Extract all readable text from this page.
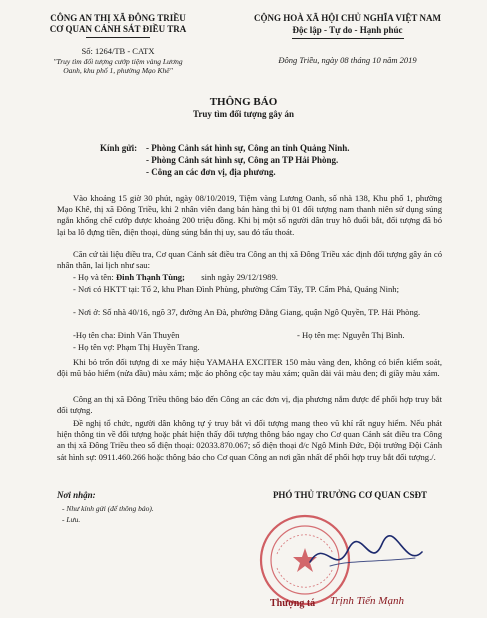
CÔNG AN THỊ XÃ ĐÔNG TRIỀU
CƠ QUAN CẢNH SÁT ĐIỀU TRA
Số: 1264/TB - CATX
"Truy tìm đối tượng cướp tiệm vàng Lương
Oanh, khu phố 1, phường Mạo Khê"
CỘNG HOÀ XÃ HỘI CHỦ NGHĨA VIỆT NAM
Độc lập - Tự do - Hạnh phúc
Đông Triều, ngày 08 tháng 10 năm 2019
THÔNG BÁO
Truy tìm đối tượng gây án
Kính gửi: - Phòng Cảnh sát hình sự, Công an tỉnh Quảng Ninh.
- Phòng Cảnh sát hình sự, Công an TP Hải Phòng.
- Công an các đơn vị, địa phương.
Vào khoảng 15 giờ 30 phút, ngày 08/10/2019, Tiệm vàng Lương Oanh, số nhà 138, Khu phố 1, phường Mạo Khê, thị xã Đông Triều, khi 2 nhân viên đang bán hàng thì bị 01 đối tượng nam thanh niên sử dụng súng ngắn khống chế cướp được khoảng 200 triệu đồng. Khi bị một số người dân truy hô đuổi bắt, đối tượng đã bỏ lại ba lô đựng tiền, điện thoại, dùng súng bắn thị uy, sau đó tẩu thoát.
Căn cứ tài liệu điều tra, Cơ quan Cảnh sát điều tra Công an thị xã Đông Triều xác định đối tượng gây án có nhân thân, lai lịch như sau:
- Họ và tên: Đinh Thạnh Tùng; sinh ngày 29/12/1989.
- Nơi có HKTT tại: Tổ 2, khu Phan Đình Phùng, phường Cẩm Tây, TP. Cẩm Phả, Quảng Ninh;
- Nơi ở: Số nhà 40/16, ngõ 37, đường An Đà, phường Đằng Giang, quận Ngô Quyền, TP. Hải Phòng.
-Họ tên cha: Đinh Văn Thuyên	- Họ tên mẹ: Nguyễn Thị Bình.
- Họ tên vợ: Phạm Thị Huyền Trang.
Khi bỏ trốn đối tượng đi xe máy hiệu YAMAHA EXCITER 150 màu vàng đen, không có biển kiểm soát, đội mũ bảo hiểm (nửa đầu) màu xám; mặc áo phông cộc tay màu xám; quần dài vải màu đen; đi giầy màu xám.
Công an thị xã Đông Triều thông báo đến Công an các đơn vị, địa phương nắm được để phối hợp truy bắt đối tượng.
Đề nghị tổ chức, người dân không tự ý truy bắt vì đối tượng mang theo vũ khí rất nguy hiểm. Nếu phát hiện thông tin về đối tượng hoặc phát hiện thấy đối tượng thông báo ngay cho Cơ quan Cảnh sát điều tra Công an thị xã Đông Triều theo số điện thoại: 02033.870.067; số điện thoại đ/c Ngô Minh Đức, Đội trưởng Đội Cảnh sát hình sự: 0911.460.266 hoặc thông báo cho Cơ quan Công an nơi gần nhất để phối hợp truy bắt đối tượng./.
Nơi nhận:
- Như kính gửi (để thông báo).
- Lưu.
PHÓ THỦ TRƯỞNG CƠ QUAN CSĐT
Thượng tá Trịnh Tiến Mạnh
